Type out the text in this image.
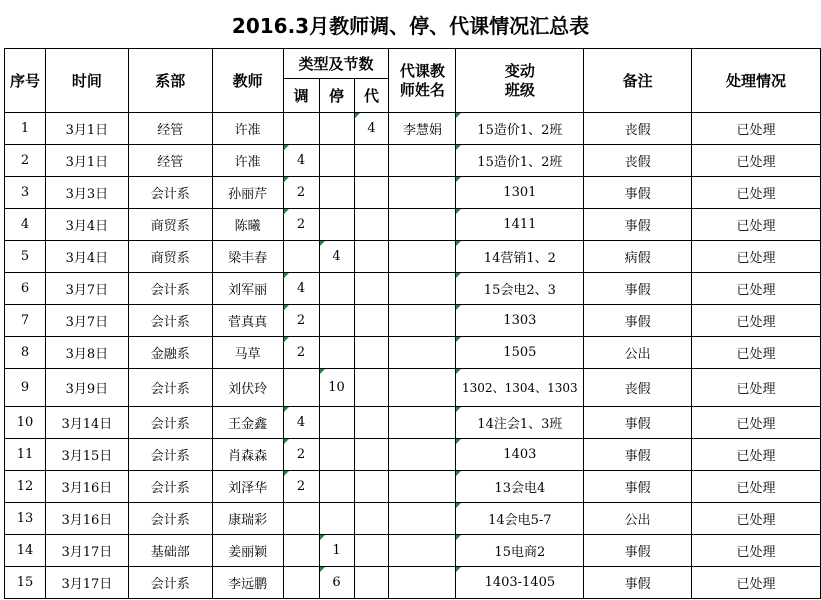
2016.3月教师调、停、代课情况汇总表
序号	时间	系部	教师	类型及节数			代课教师姓名	变动班级	备注	处理情况
				调	停	代				
1	3月1日	经管	许准			4	李慧娟	15造价1、2班	丧假	已处理
2	3月1日	经管	许准	4				15造价1、2班	丧假	已处理
3	3月3日	会计系	孙丽芹	2				1301	事假	已处理
4	3月4日	商贸系	陈曦	2				1411	事假	已处理
5	3月4日	商贸系	梁丰春		4			14营销1、2	病假	已处理
6	3月7日	会计系	刘军丽	4				15会电2、3	事假	已处理
7	3月7日	会计系	菅真真	2				1303	事假	已处理
8	3月8日	金融系	马草	2				1505	公出	已处理
9	3月9日	会计系	刘伏玲		10			1302、1304、1303	丧假	已处理
10	3月14日	会计系	王金鑫	4				14注会1、3班	事假	已处理
11	3月15日	会计系	肖森森	2				1403	事假	已处理
12	3月16日	会计系	刘泽华	2				13会电4	事假	已处理
13	3月16日	会计系	康瑞彩					14会电5-7	公出	已处理
14	3月17日	基础部	姜丽颖		1			15电商2	事假	已处理
15	3月17日	会计系	李远鹏		6			1403-1405	事假	已处理
